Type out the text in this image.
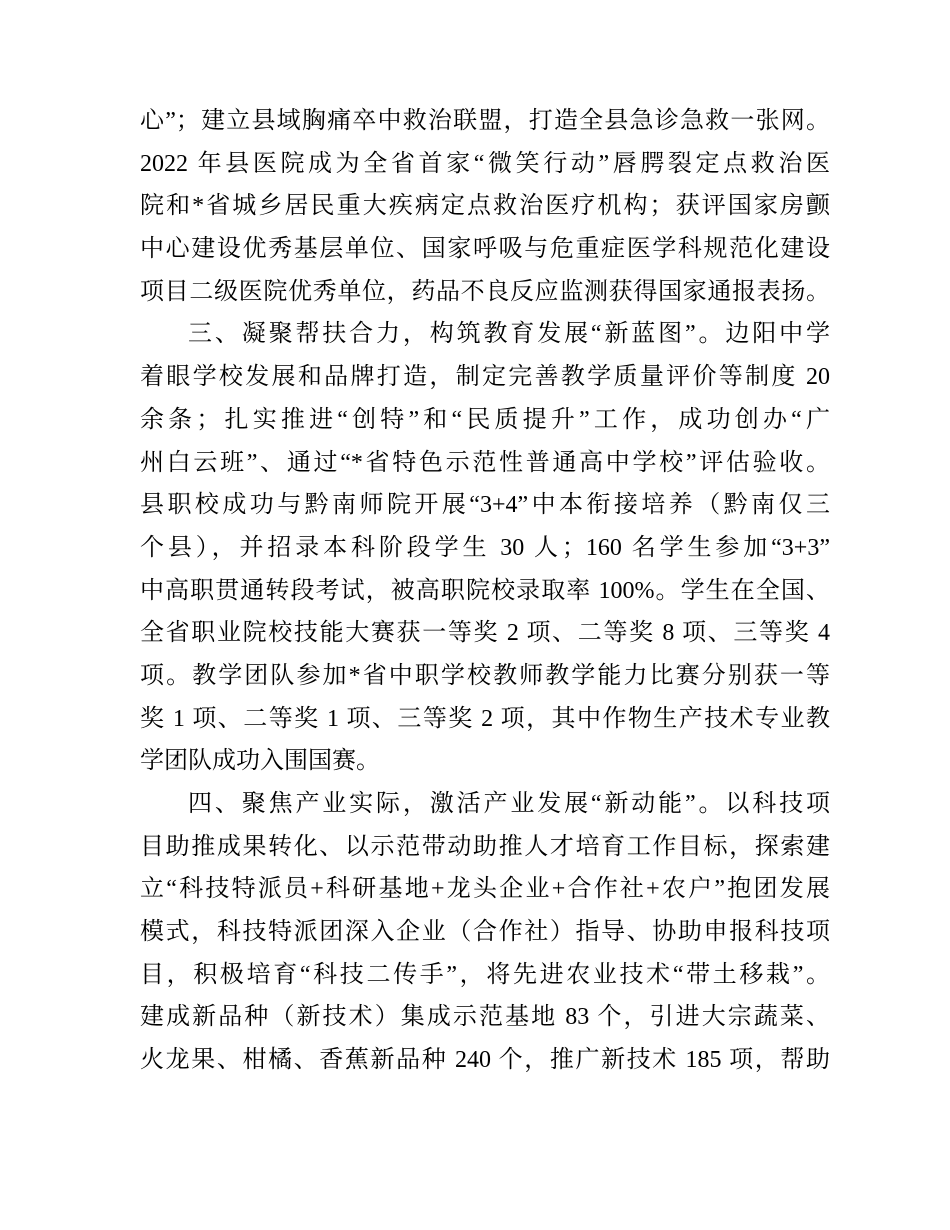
心”；建立县域胸痛卒中救治联盟，打造全县急诊急救一张网。
2022 年县医院成为全省首家“微笑行动”唇腭裂定点救治医
院和*省城乡居民重大疾病定点救治医疗机构；获评国家房颤
中心建设优秀基层单位、国家呼吸与危重症医学科规范化建设
项目二级医院优秀单位，药品不良反应监测获得国家通报表扬。
三、凝聚帮扶合力，构筑教育发展“新蓝图”。边阳中学
着眼学校发展和品牌打造，制定完善教学质量评价等制度 20
余条；扎实推进“创特”和“民质提升”工作，成功创办“广
州白云班”、通过“*省特色示范性普通高中学校”评估验收。
县职校成功与黔南师院开展“3+4”中本衔接培养（黔南仅三
个县），并招录本科阶段学生 30 人；160 名学生参加“3+3”
中高职贯通转段考试，被高职院校录取率 100%。学生在全国、
全省职业院校技能大赛获一等奖 2 项、二等奖 8 项、三等奖 4
项。教学团队参加*省中职学校教师教学能力比赛分别获一等
奖 1 项、二等奖 1 项、三等奖 2 项，其中作物生产技术专业教
学团队成功入围国赛。
四、聚焦产业实际，激活产业发展“新动能”。以科技项
目助推成果转化、以示范带动助推人才培育工作目标，探索建
立“科技特派员+科研基地+龙头企业+合作社+农户”抱团发展
模式，科技特派团深入企业（合作社）指导、协助申报科技项
目，积极培育“科技二传手”，将先进农业技术“带土移栽”。
建成新品种（新技术）集成示范基地 83 个，引进大宗蔬菜、
火龙果、柑橘、香蕉新品种 240 个，推广新技术 185 项，帮助
